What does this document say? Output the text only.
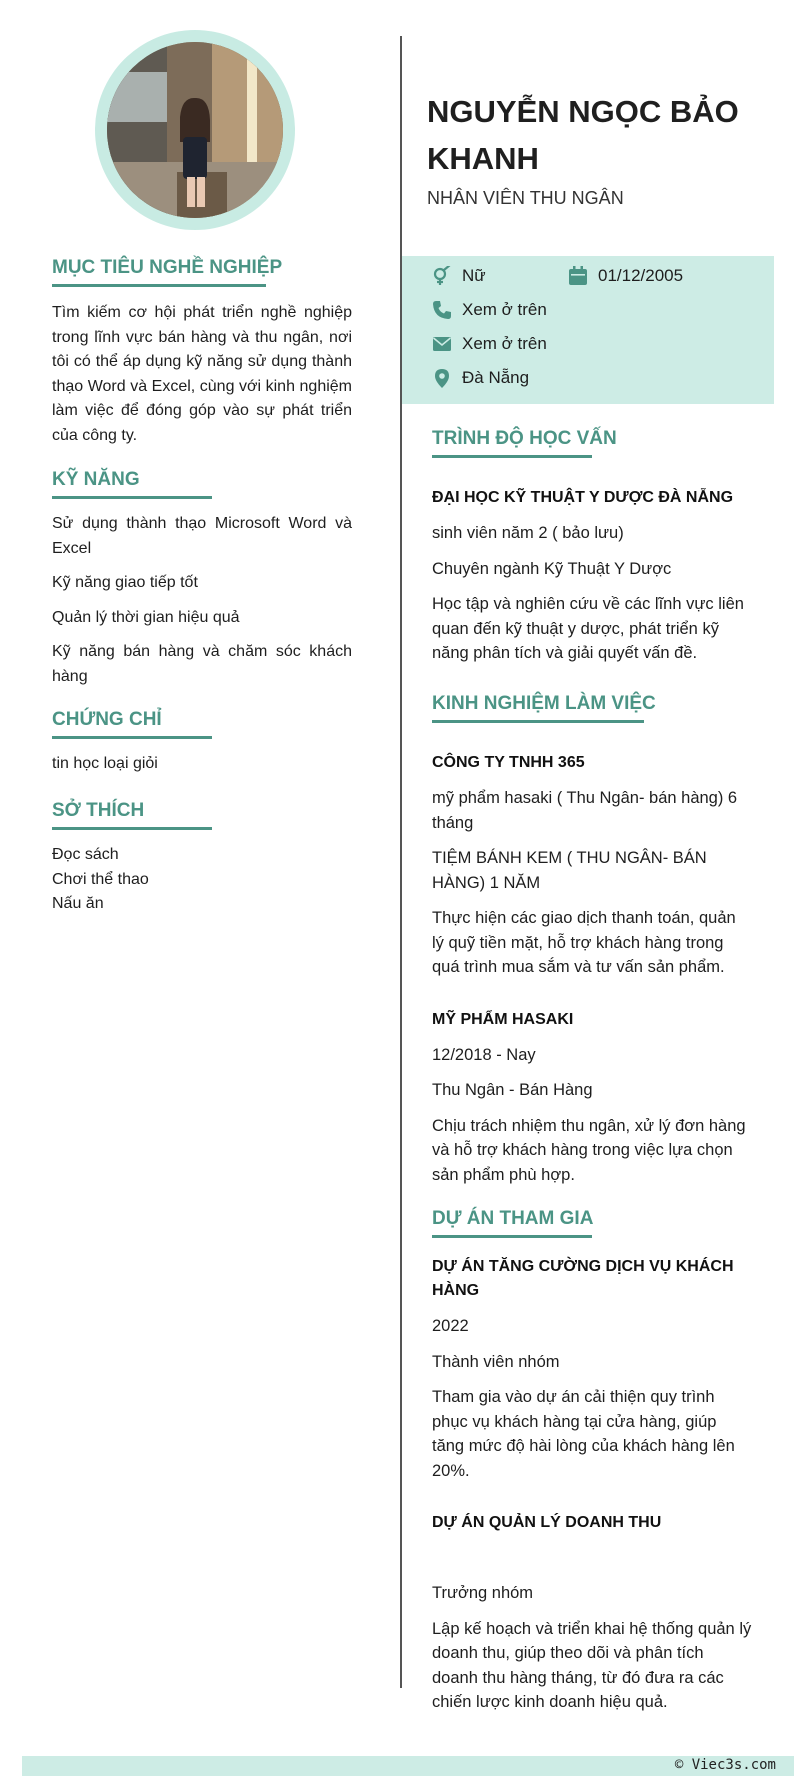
MỤC TIÊU NGHỀ NGHIỆP
Tìm kiếm cơ hội phát triển nghề nghiệp trong lĩnh vực bán hàng và thu ngân, nơi tôi có thể áp dụng kỹ năng sử dụng thành thạo Word và Excel, cùng với kinh nghiệm làm việc để đóng góp vào sự phát triển của công ty.
KỸ NĂNG
Sử dụng thành thạo Microsoft Word và Excel
Kỹ năng giao tiếp tốt
Quản lý thời gian hiệu quả
Kỹ năng bán hàng và chăm sóc khách hàng
CHỨNG CHỈ
tin học loại giỏi
SỞ THÍCH
Đọc sách
Chơi thể thao
Nấu ăn
NGUYỄN NGỌC BẢO KHANH
NHÂN VIÊN THU NGÂN
Nữ	01/12/2005
Xem ở trên
Xem ở trên
Đà Nẵng
TRÌNH ĐỘ HỌC VẤN
ĐẠI HỌC KỸ THUẬT Y DƯỢC ĐÀ NẴNG
sinh viên năm 2 ( bảo lưu)
Chuyên ngành Kỹ Thuật Y Dược
Học tập và nghiên cứu về các lĩnh vực liên quan đến kỹ thuật y dược, phát triển kỹ năng phân tích và giải quyết vấn đề.
KINH NGHIỆM LÀM VIỆC
CÔNG TY TNHH 365
mỹ phẩm hasaki ( Thu Ngân- bán hàng) 6 tháng
TIỆM BÁNH KEM ( THU NGÂN- BÁN HÀNG) 1 NĂM
Thực hiện các giao dịch thanh toán, quản lý quỹ tiền mặt, hỗ trợ khách hàng trong quá trình mua sắm và tư vấn sản phẩm.
MỸ PHẨM HASAKI
12/2018 - Nay
Thu Ngân - Bán Hàng
Chịu trách nhiệm thu ngân, xử lý đơn hàng và hỗ trợ khách hàng trong việc lựa chọn sản phẩm phù hợp.
DỰ ÁN THAM GIA
DỰ ÁN TĂNG CƯỜNG DỊCH VỤ KHÁCH HÀNG
2022
Thành viên nhóm
Tham gia vào dự án cải thiện quy trình phục vụ khách hàng tại cửa hàng, giúp tăng mức độ hài lòng của khách hàng lên 20%.
DỰ ÁN QUẢN LÝ DOANH THU
Trưởng nhóm
Lập kế hoạch và triển khai hệ thống quản lý doanh thu, giúp theo dõi và phân tích doanh thu hàng tháng, từ đó đưa ra các chiến lược kinh doanh hiệu quả.
© Viec3s.com
